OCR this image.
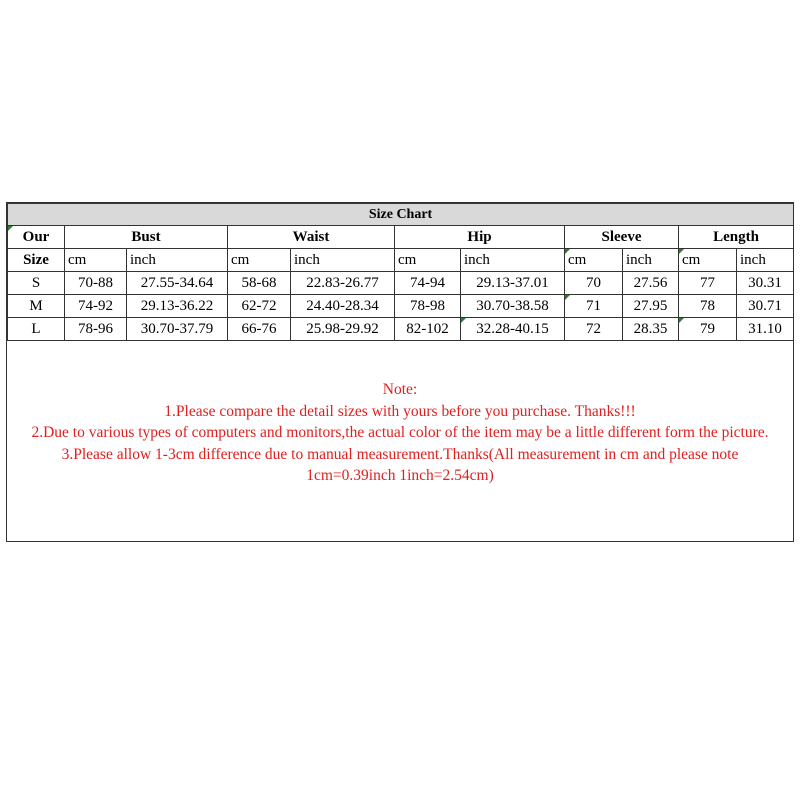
Size Chart										
Our	Bust		Waist		Hip		Sleeve		Length	
Size	cm	inch	cm	inch	cm	inch	cm	inch	cm	inch
S	70-88	27.55-34.64	58-68	22.83-26.77	74-94	29.13-37.01	70	27.56	77	30.31
M	74-92	29.13-36.22	62-72	24.40-28.34	78-98	30.70-38.58	71	27.95	78	30.71
L	78-96	30.70-37.79	66-76	25.98-29.92	82-102	32.28-40.15	72	28.35	79	31.10
Note:
1.Please compare the detail sizes with yours before you purchase. Thanks!!!
2.Due to various types of computers and monitors,the actual color of the item may be a little different form the picture.
3.Please allow 1-3cm difference due to manual measurement.Thanks(All measurement in cm and please note 1cm=0.39inch 1inch=2.54cm)
